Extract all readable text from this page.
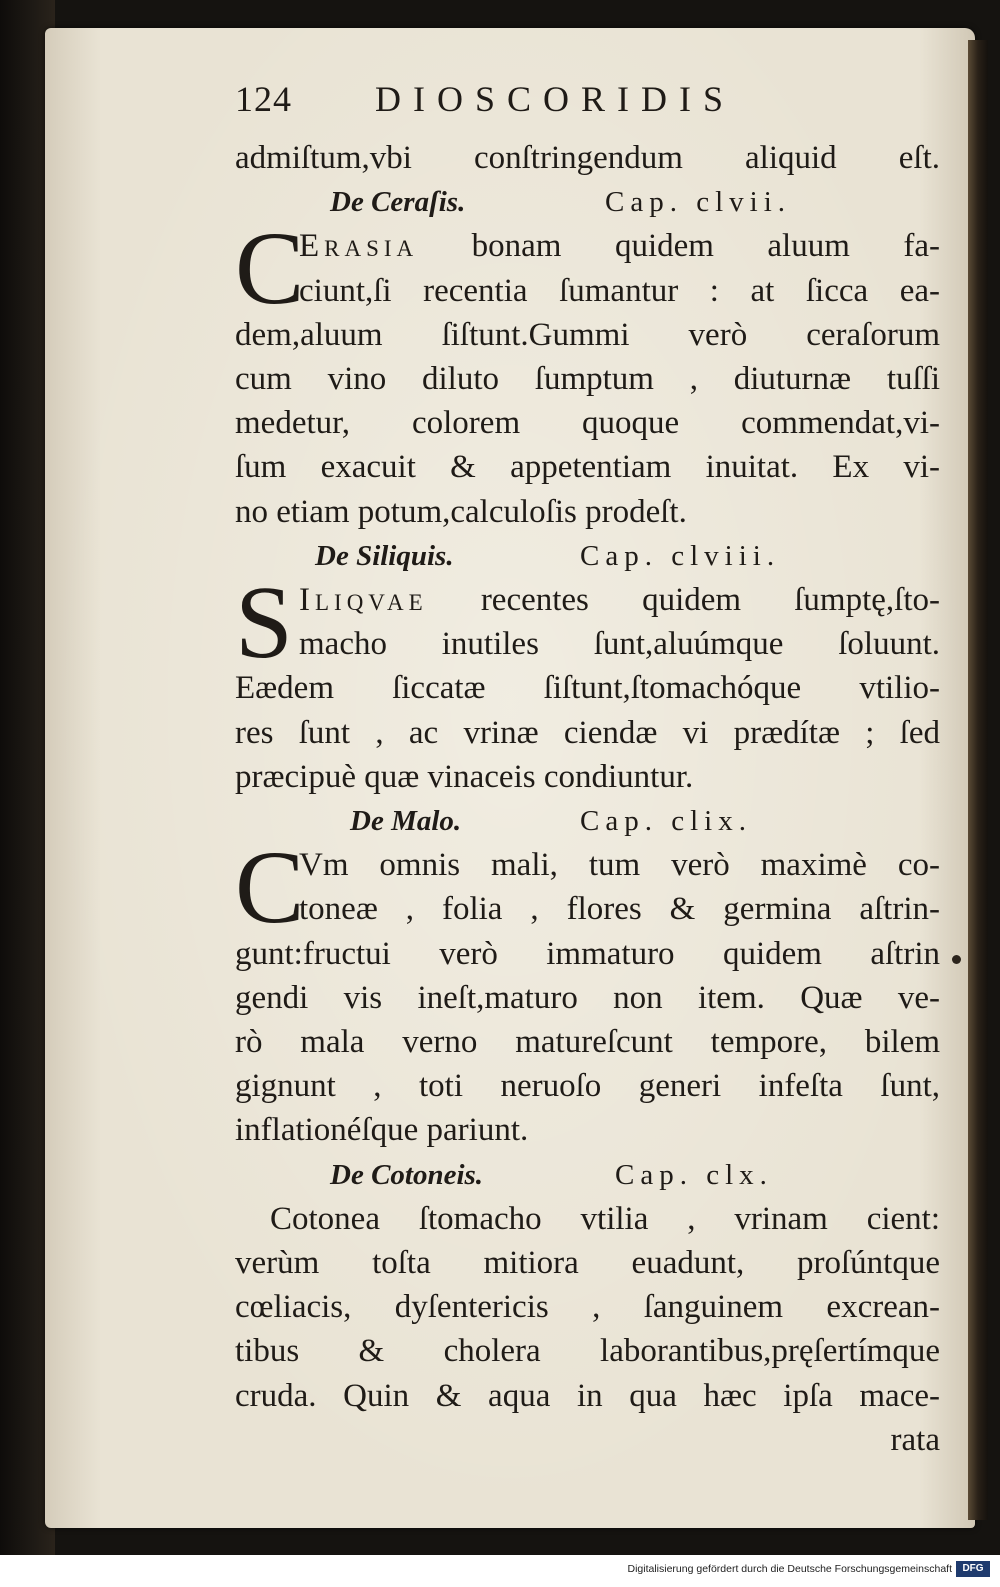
124 DIOSCORIDIS
admiſtum,vbi conſtringendum aliquid eſt.
De Ceraſis.	Cap. clvii.
C
Erasia bonam quidem aluum fa-
ciunt,ſi recentia ſumantur : at ſicca ea-
dem,aluum ſiſtunt.Gummi verò ceraſorum
cum vino diluto ſumptum , diuturnæ tuſſi
medetur, colorem quoque commendat,vi-
ſum exacuit & appetentiam inuitat. Ex vi-
no etiam potum,calculoſis prodeſt.
De Siliquis.	Cap. clviii.
S Iliqvae recentes quidem ſumptę,ſto-
macho inutiles ſunt,aluúmque ſoluunt.
Eædem ſiccatæ ſiſtunt,ſtomachóque vtilio-
res ſunt , ac vrinæ ciendæ vi prædítæ ; ſed
præcipuè quæ vinaceis condiuntur.
De Malo.	Cap. clix.
C
Vm omnis mali, tum verò maximè co-
toneæ , folia , flores & germina aſtrin-
gunt:fructui verò immaturo quidem aſtrin
gendi vis ineſt,maturo non item. Quæ ve-
rò mala verno matureſcunt tempore, bilem
gignunt , toti neruoſo generi infeſta ſunt,
inflationéſque pariunt.
De Cotoneis.	Cap. clx.
Cotonea ſtomacho vtilia , vrinam cient:
verùm toſta mitiora euadunt, proſúntque
cœliacis, dyſentericis , ſanguinem excrean-
tibus & cholera laborantibus,pręſertímque
cruda. Quin & aqua in qua hæc ipſa mace-
rata
Digitalisierung gefördert durch die Deutsche Forschungsgemeinschaft	DFG
